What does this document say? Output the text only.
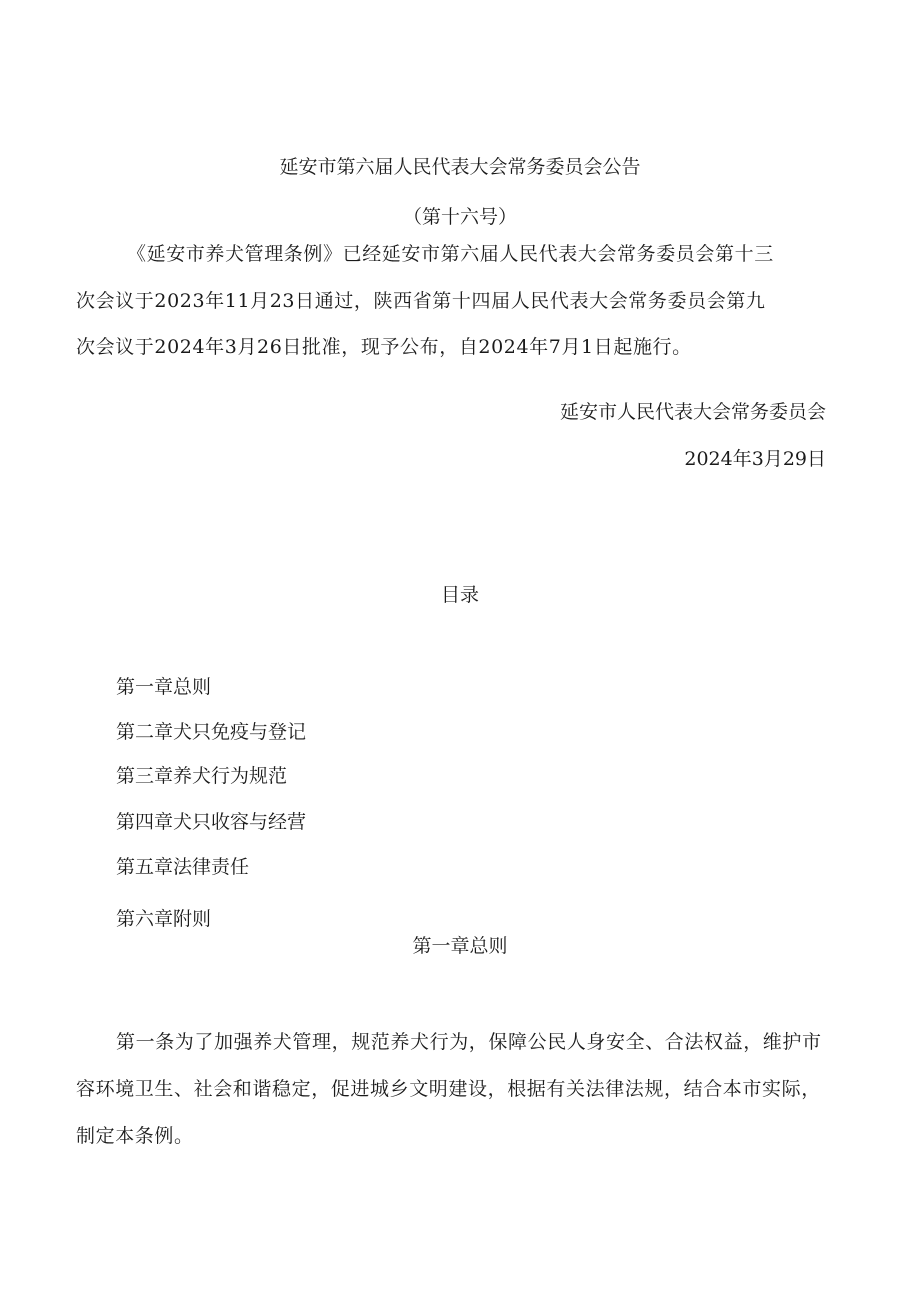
延安市第六届人民代表大会常务委员会公告
（第十六号）
《延安市养犬管理条例》已经延安市第六届人民代表大会常务委员会第十三
次会议于2023年11月23日通过，陕西省第十四届人民代表大会常务委员会第九
次会议于2024年3月26日批准，现予公布，自2024年7月1日起施行。
延安市人民代表大会常务委员会
2024年3月29日
目录
第一章总则
第二章犬只免疫与登记
第三章养犬行为规范
第四章犬只收容与经营
第五章法律责任
第六章附则
第一章总则
第一条为了加强养犬管理，规范养犬行为，保障公民人身安全、合法权益，维护市
容环境卫生、社会和谐稳定，促进城乡文明建设，根据有关法律法规，结合本市实际，
制定本条例。
